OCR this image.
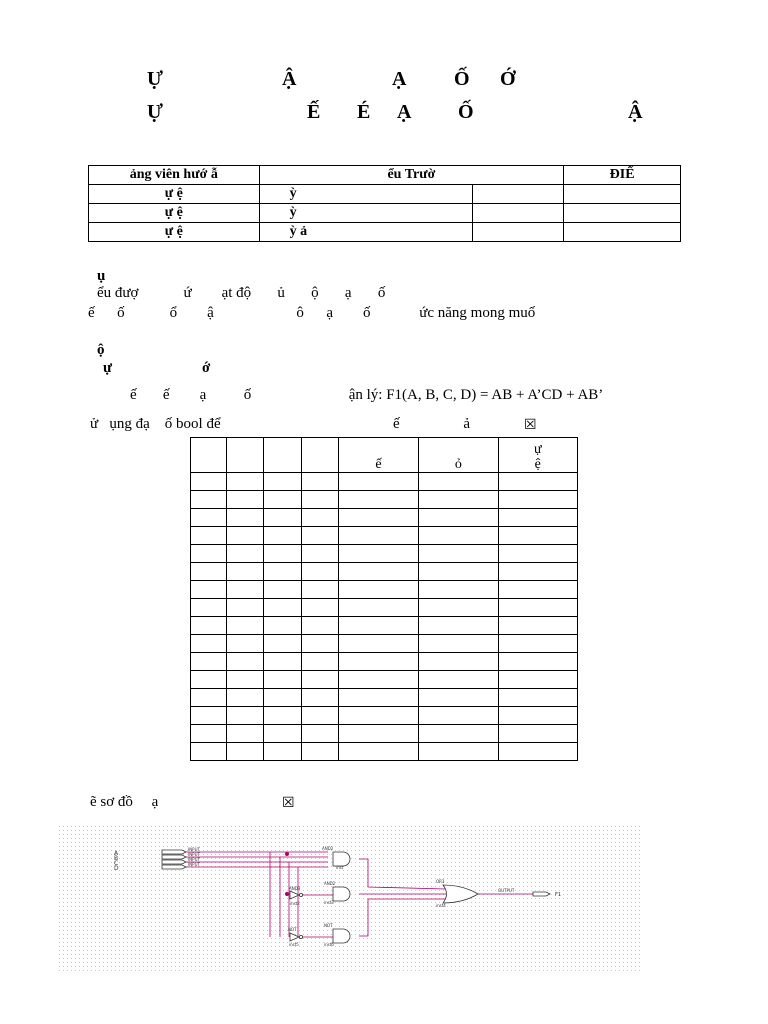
Ự	Ậ	Ạ Ố Ớ
Ự	Ế É Ạ Ố	Ậ
ảng viên hướ ẫ	ểu Trườ		ĐIỂ
ự ệ	ỳ		
ự ệ	ỳ		
ự ệ	ỳ ả		
ụ
ểu đượ            ứ        ạt độ       ủ       ộ       ạ       ố
ế      ố            ổ        ậ                      ô      ạ        ố             ức năng mong muố
ộ
ự                        ớ
ế       ế        ạ          ố                          ận lý: F1(A, B, C, D) = AB + A’CD + AB’
ử   ụng đạ    ố bool để	ế                 ả	☒

				ế	ỏ	ự
ệ

ẽ sơ đồ     ạ	☒
A
INPUT
B
INPUT
C
INPUT
D
INPUT
OUTPUT
F1
AND2
AND3
AND2	OR3
NOT
NOT
inst
inst2	inst3
inst4
inst5	inst6
